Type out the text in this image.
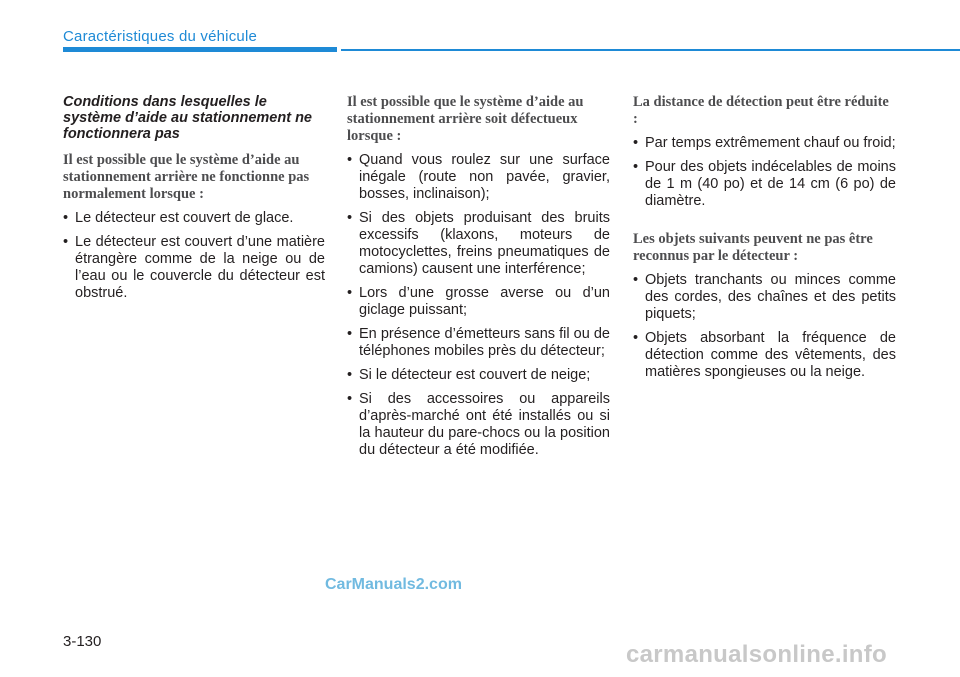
Caractéristiques du véhicule
Conditions dans lesquelles le système d’aide au stationnement ne fonctionnera pas
Il est possible que le système d’aide au stationnement arrière ne fonctionne pas normalement lorsque :
• Le détecteur est couvert de glace.
• Le détecteur est couvert d’une matière étrangère comme de la neige ou de l’eau ou le couvercle du détecteur est obstrué.
Il est possible que le système d’aide au stationnement arrière soit défectueux lorsque :
• Quand vous roulez sur une surface inégale (route non pavée, gravier, bosses, inclinaison);
• Si des objets produisant des bruits excessifs (klaxons, moteurs de motocyclettes, freins pneumatiques de camions) causent une interférence;
• Lors d’une grosse averse ou d’un giclage puissant;
• En présence d’émetteurs sans fil ou de téléphones mobiles près du détecteur;
• Si le détecteur est couvert de neige;
• Si des accessoires ou appareils d’après-marché ont été installés ou si la hauteur du pare-chocs ou la position du détecteur a été modifiée.
La distance de détection peut être réduite :
• Par temps extrêmement chauf ou froid;
• Pour des objets indécelables de moins de 1 m (40 po) et de 14 cm (6 po) de diamètre.
Les objets suivants peuvent ne pas être reconnus par le détecteur :
• Objets tranchants ou minces comme des cordes, des chaînes et des petits piquets;
• Objets absorbant la fréquence de détection comme des vêtements, des matières spongieuses ou la neige.
CarManuals2.com
3-130	carmanualsonline.info
